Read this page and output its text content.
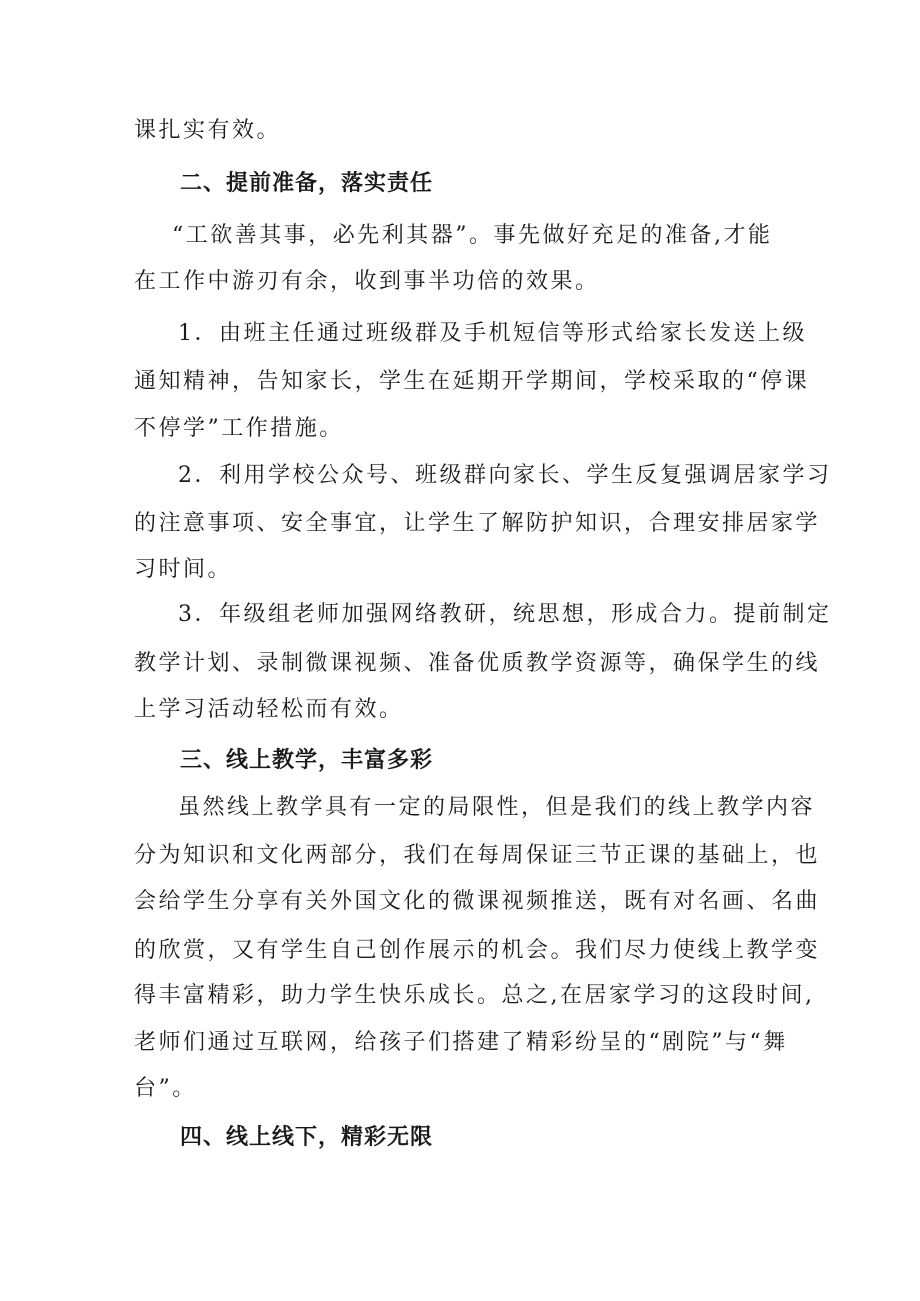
课扎实有效。
二、提前准备，落实责任
“工欲善其事，必先利其器”。事先做好充足的准备,才能
在工作中游刃有余，收到事半功倍的效果。
1．由班主任通过班级群及手机短信等形式给家长发送上级
通知精神，告知家长，学生在延期开学期间，学校采取的“停课
不停学”工作措施。
2．利用学校公众号、班级群向家长、学生反复强调居家学习
的注意事项、安全事宜，让学生了解防护知识，合理安排居家学
习时间。
3．年级组老师加强网络教研，统思想，形成合力。提前制定
教学计划、录制微课视频、准备优质教学资源等，确保学生的线
上学习活动轻松而有效。
三、线上教学，丰富多彩
虽然线上教学具有一定的局限性，但是我们的线上教学内容
分为知识和文化两部分，我们在每周保证三节正课的基础上，也
会给学生分享有关外国文化的微课视频推送，既有对名画、名曲
的欣赏，又有学生自己创作展示的机会。我们尽力使线上教学变
得丰富精彩，助力学生快乐成长。总之,在居家学习的这段时间,
老师们通过互联网，给孩子们搭建了精彩纷呈的“剧院”与“舞
台”。
四、线上线下，精彩无限
